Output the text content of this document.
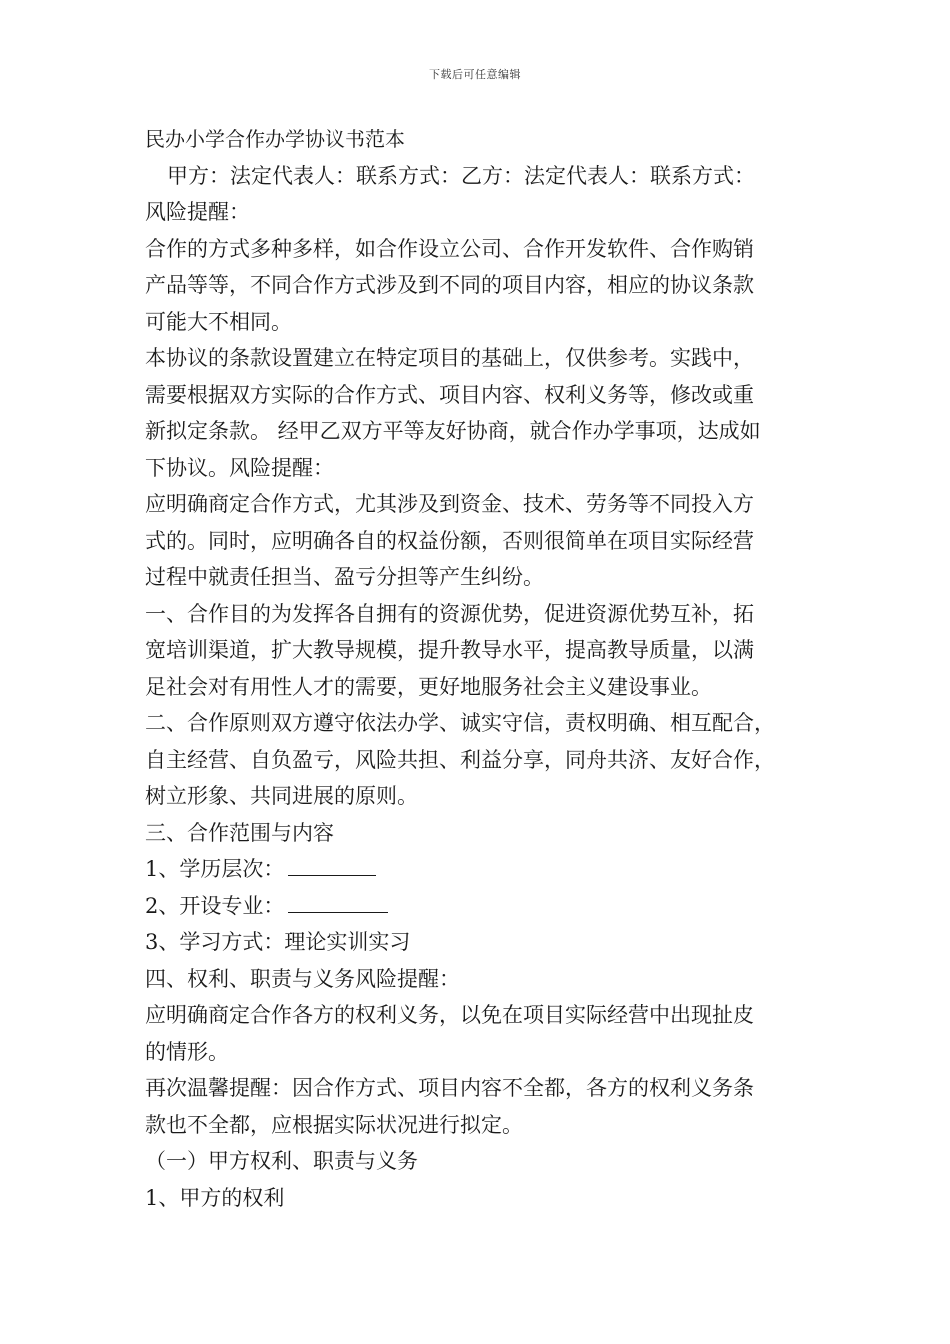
下载后可任意编辑

民办小学合作办学协议书范本

甲方：法定代表人：联系方式：乙方：法定代表人：联系方式：

风险提醒：

合作的方式多种多样，如合作设立公司、合作开发软件、合作购销

产品等等，不同合作方式涉及到不同的项目内容，相应的协议条款

可能大不相同。

本协议的条款设置建立在特定项目的基础上，仅供参考。实践中，

需要根据双方实际的合作方式、项目内容、权利义务等，修改或重

新拟定条款。 经甲乙双方平等友好协商，就合作办学事项，达成如

下协议。风险提醒：

应明确商定合作方式，尤其涉及到资金、技术、劳务等不同投入方

式的。同时，应明确各自的权益份额，否则很简单在项目实际经营

过程中就责任担当、盈亏分担等产生纠纷。

一、合作目的为发挥各自拥有的资源优势，促进资源优势互补，拓

宽培训渠道，扩大教导规模，提升教导水平，提高教导质量，以满

足社会对有用性人才的需要，更好地服务社会主义建设事业。

二、合作原则双方遵守依法办学、诚实守信，责权明确、相互配合，

自主经营、自负盈亏，风险共担、利益分享，同舟共济、友好合作，

树立形象、共同进展的原则。

三、合作范围与内容

1、学历层次：

2、开设专业：

3、学习方式：理论实训实习

四、权利、职责与义务风险提醒：

应明确商定合作各方的权利义务，以免在项目实际经营中出现扯皮

的情形。

再次温馨提醒：因合作方式、项目内容不全都，各方的权利义务条

款也不全都，应根据实际状况进行拟定。

（一）甲方权利、职责与义务

1、甲方的权利
